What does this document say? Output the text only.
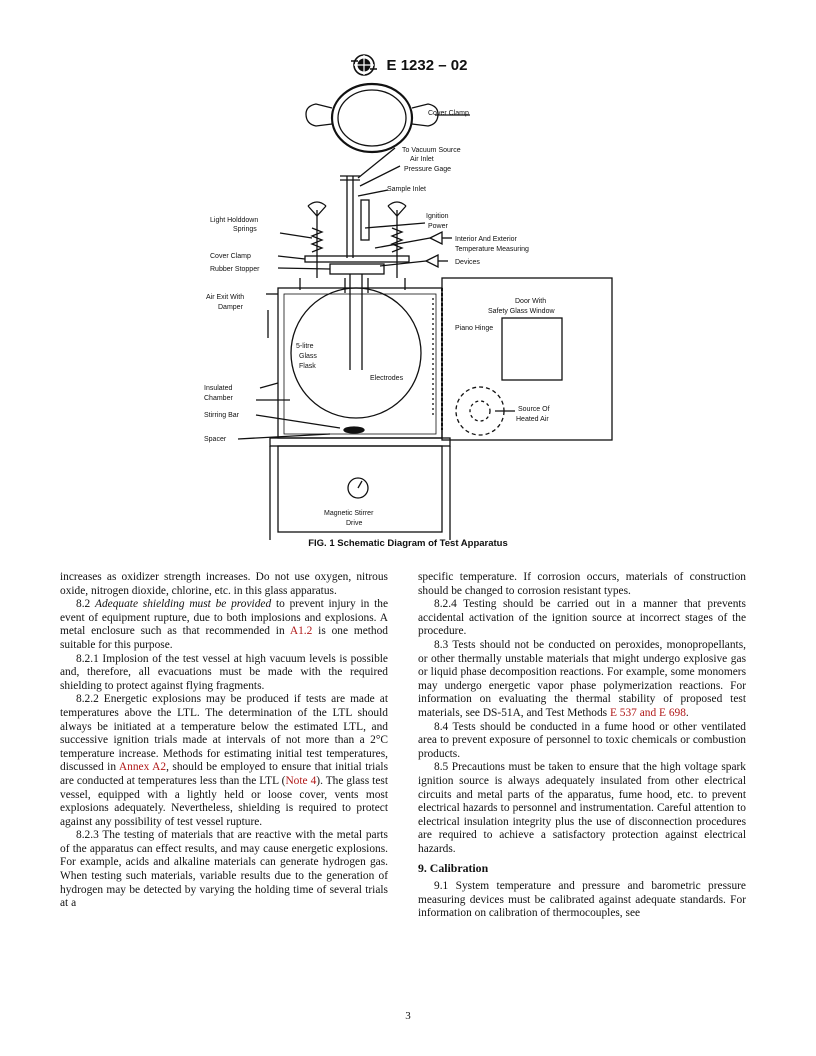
E 1232 – 02
Cover Clamp
To Vacuum Source
Air Inlet
Pressure Gage
Sample Inlet
Light Holddown
Springs
Ignition
Power
Interior And Exterior
Temperature Measuring
Devices
Cover Clamp
Rubber Stopper
Air Exit With
Damper
Door With
Safety Glass Window
Piano Hinge
5-litre
Glass
Flask
Electrodes
Insulated
Chamber
Stirring Bar
Spacer
Source Of
Heated Air
Magnetic Stirrer
Drive
FIG. 1 Schematic Diagram of Test Apparatus

increases as oxidizer strength increases. Do not use oxygen, nitrous oxide, nitrogen dioxide, chlorine, etc. in this glass apparatus.

8.2 Adequate shielding must be provided to prevent injury in the event of equipment rupture, due to both implosions and explosions. A metal enclosure such as that recommended in A1.2 is one method suitable for this purpose.

8.2.1 Implosion of the test vessel at high vacuum levels is possible and, therefore, all evacuations must be made with the required shielding to protect against flying fragments.

8.2.2 Energetic explosions may be produced if tests are made at temperatures above the LTL. The determination of the LTL should always be initiated at a temperature below the estimated LTL, and successive ignition trials made at intervals of not more than a 2°C temperature increase. Methods for estimating initial test temperatures, discussed in Annex A2, should be employed to ensure that initial trials are conducted at temperatures less than the LTL (Note 4). The glass test vessel, equipped with a lightly held or loose cover, vents most explosions adequately. Nevertheless, shielding is required to protect against any possibility of test vessel rupture.

8.2.3 The testing of materials that are reactive with the metal parts of the apparatus can effect results, and may cause energetic explosions. For example, acids and alkaline materials can generate hydrogen gas. When testing such materials, variable results due to the generation of hydrogen may be detected by varying the holding time of several trials at a

specific temperature. If corrosion occurs, materials of construction should be changed to corrosion resistant types.

8.2.4 Testing should be carried out in a manner that prevents accidental activation of the ignition source at incorrect stages of the procedure.

8.3 Tests should not be conducted on peroxides, monopropellants, or other thermally unstable materials that might undergo explosive gas or liquid phase decomposition reactions. For example, some monomers may undergo energetic vapor phase polymerization reactions. For information on evaluating the thermal stability of proposed test materials, see DS-51A, and Test Methods E 537 and E 698.

8.4 Tests should be conducted in a fume hood or other ventilated area to prevent exposure of personnel to toxic chemicals or combustion products.

8.5 Precautions must be taken to ensure that the high voltage spark ignition source is always adequately insulated from other electrical circuits and metal parts of the apparatus, fume hood, etc. to prevent electrical hazards to personnel and instrumentation. Careful attention to electrical insulation integrity plus the use of disconnection procedures are required to achieve a satisfactory protection against electrical hazards.

9. Calibration

9.1 System temperature and pressure and barometric pressure measuring devices must be calibrated against adequate standards. For information on calibration of thermocouples, see

3
